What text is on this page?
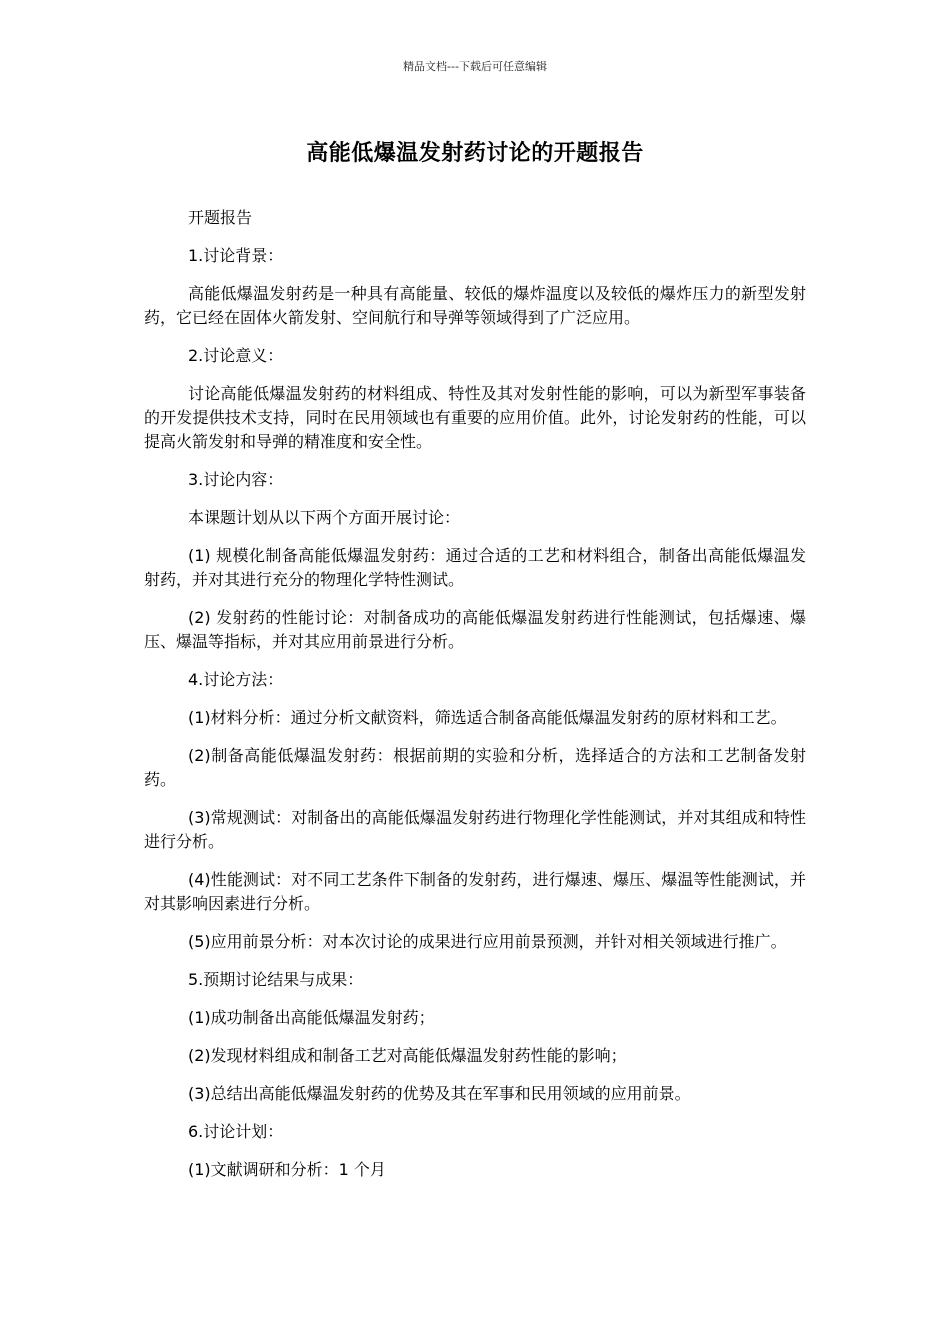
精品文档---下载后可任意编辑
高能低爆温发射药讨论的开题报告

开题报告

1.讨论背景：

高能低爆温发射药是一种具有高能量、较低的爆炸温度以及较低的爆炸压力的新型发射药，它已经在固体火箭发射、空间航行和导弹等领域得到了广泛应用。

2.讨论意义：

讨论高能低爆温发射药的材料组成、特性及其对发射性能的影响，可以为新型军事装备的开发提供技术支持，同时在民用领域也有重要的应用价值。此外，讨论发射药的性能，可以提高火箭发射和导弹的精准度和安全性。

3.讨论内容：

本课题计划从以下两个方面开展讨论：

(1) 规模化制备高能低爆温发射药：通过合适的工艺和材料组合，制备出高能低爆温发射药，并对其进行充分的物理化学特性测试。

(2) 发射药的性能讨论：对制备成功的高能低爆温发射药进行性能测试，包括爆速、爆压、爆温等指标，并对其应用前景进行分析。

4.讨论方法：

(1)材料分析：通过分析文献资料，筛选适合制备高能低爆温发射药的原材料和工艺。

(2)制备高能低爆温发射药：根据前期的实验和分析，选择适合的方法和工艺制备发射药。

(3)常规测试：对制备出的高能低爆温发射药进行物理化学性能测试，并对其组成和特性进行分析。

(4)性能测试：对不同工艺条件下制备的发射药，进行爆速、爆压、爆温等性能测试，并对其影响因素进行分析。

(5)应用前景分析：对本次讨论的成果进行应用前景预测，并针对相关领域进行推广。

5.预期讨论结果与成果：

(1)成功制备出高能低爆温发射药；

(2)发现材料组成和制备工艺对高能低爆温发射药性能的影响；

(3)总结出高能低爆温发射药的优势及其在军事和民用领域的应用前景。

6.讨论计划：

(1)文献调研和分析：1 个月
